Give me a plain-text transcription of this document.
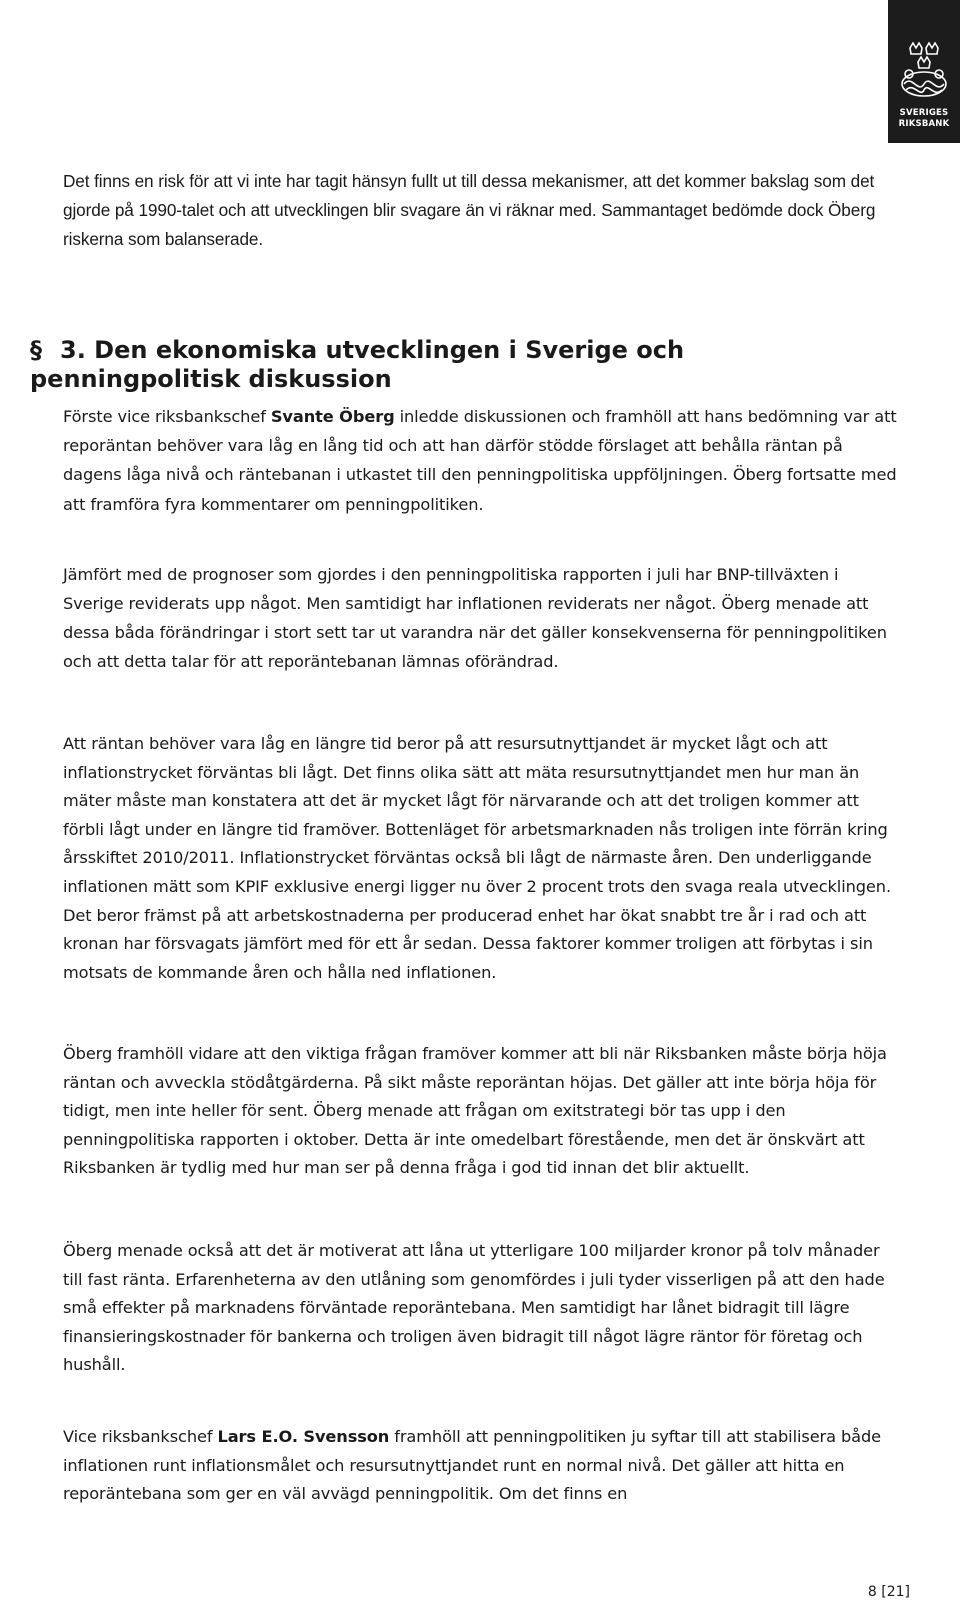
SVERIGES
RIKSBANK

Det finns en risk för att vi inte har tagit hänsyn fullt ut till dessa mekanismer, att det kommer bakslag som det gjorde på 1990-talet och att utvecklingen blir svagare än vi räknar med. Sammantaget bedömde dock Öberg riskerna som balanserade.

§ 3. Den ekonomiska utvecklingen i Sverige och penningpolitisk diskussion

Förste vice riksbankschef Svante Öberg inledde diskussionen och framhöll att hans bedömning var att reporäntan behöver vara låg en lång tid och att han därför stödde förslaget att behålla räntan på dagens låga nivå och räntebanan i utkastet till den penningpolitiska uppföljningen. Öberg fortsatte med att framföra fyra kommentarer om penningpolitiken.

Jämfört med de prognoser som gjordes i den penningpolitiska rapporten i juli har BNP-tillväxten i Sverige reviderats upp något. Men samtidigt har inflationen reviderats ner något. Öberg menade att dessa båda förändringar i stort sett tar ut varandra när det gäller konsekvenserna för penningpolitiken och att detta talar för att reporäntebanan lämnas oförändrad.

Att räntan behöver vara låg en längre tid beror på att resursutnyttjandet är mycket lågt och att inflationstrycket förväntas bli lågt. Det finns olika sätt att mäta resursutnyttjandet men hur man än mäter måste man konstatera att det är mycket lågt för närvarande och att det troligen kommer att förbli lågt under en längre tid framöver. Bottenläget för arbetsmarknaden nås troligen inte förrän kring årsskiftet 2010/2011. Inflationstrycket förväntas också bli lågt de närmaste åren. Den underliggande inflationen mätt som KPIF exklusive energi ligger nu över 2 procent trots den svaga reala utvecklingen. Det beror främst på att arbetskostnaderna per producerad enhet har ökat snabbt tre år i rad och att kronan har försvagats jämfört med för ett år sedan. Dessa faktorer kommer troligen att förbytas i sin motsats de kommande åren och hålla ned inflationen.

Öberg framhöll vidare att den viktiga frågan framöver kommer att bli när Riksbanken måste börja höja räntan och avveckla stödåtgärderna. På sikt måste reporäntan höjas. Det gäller att inte börja höja för tidigt, men inte heller för sent. Öberg menade att frågan om exitstrategi bör tas upp i den penningpolitiska rapporten i oktober. Detta är inte omedelbart förestående, men det är önskvärt att Riksbanken är tydlig med hur man ser på denna fråga i god tid innan det blir aktuellt.

Öberg menade också att det är motiverat att låna ut ytterligare 100 miljarder kronor på tolv månader till fast ränta. Erfarenheterna av den utlåning som genomfördes i juli tyder visserligen på att den hade små effekter på marknadens förväntade reporäntebana. Men samtidigt har lånet bidragit till lägre finansieringskostnader för bankerna och troligen även bidragit till något lägre räntor för företag och hushåll.

Vice riksbankschef Lars E.O. Svensson framhöll att penningpolitiken ju syftar till att stabilisera både inflationen runt inflationsmålet och resursutnyttjandet runt en normal nivå. Det gäller att hitta en reporäntebana som ger en väl avvägd penningpolitik. Om det finns en

8 [21]
